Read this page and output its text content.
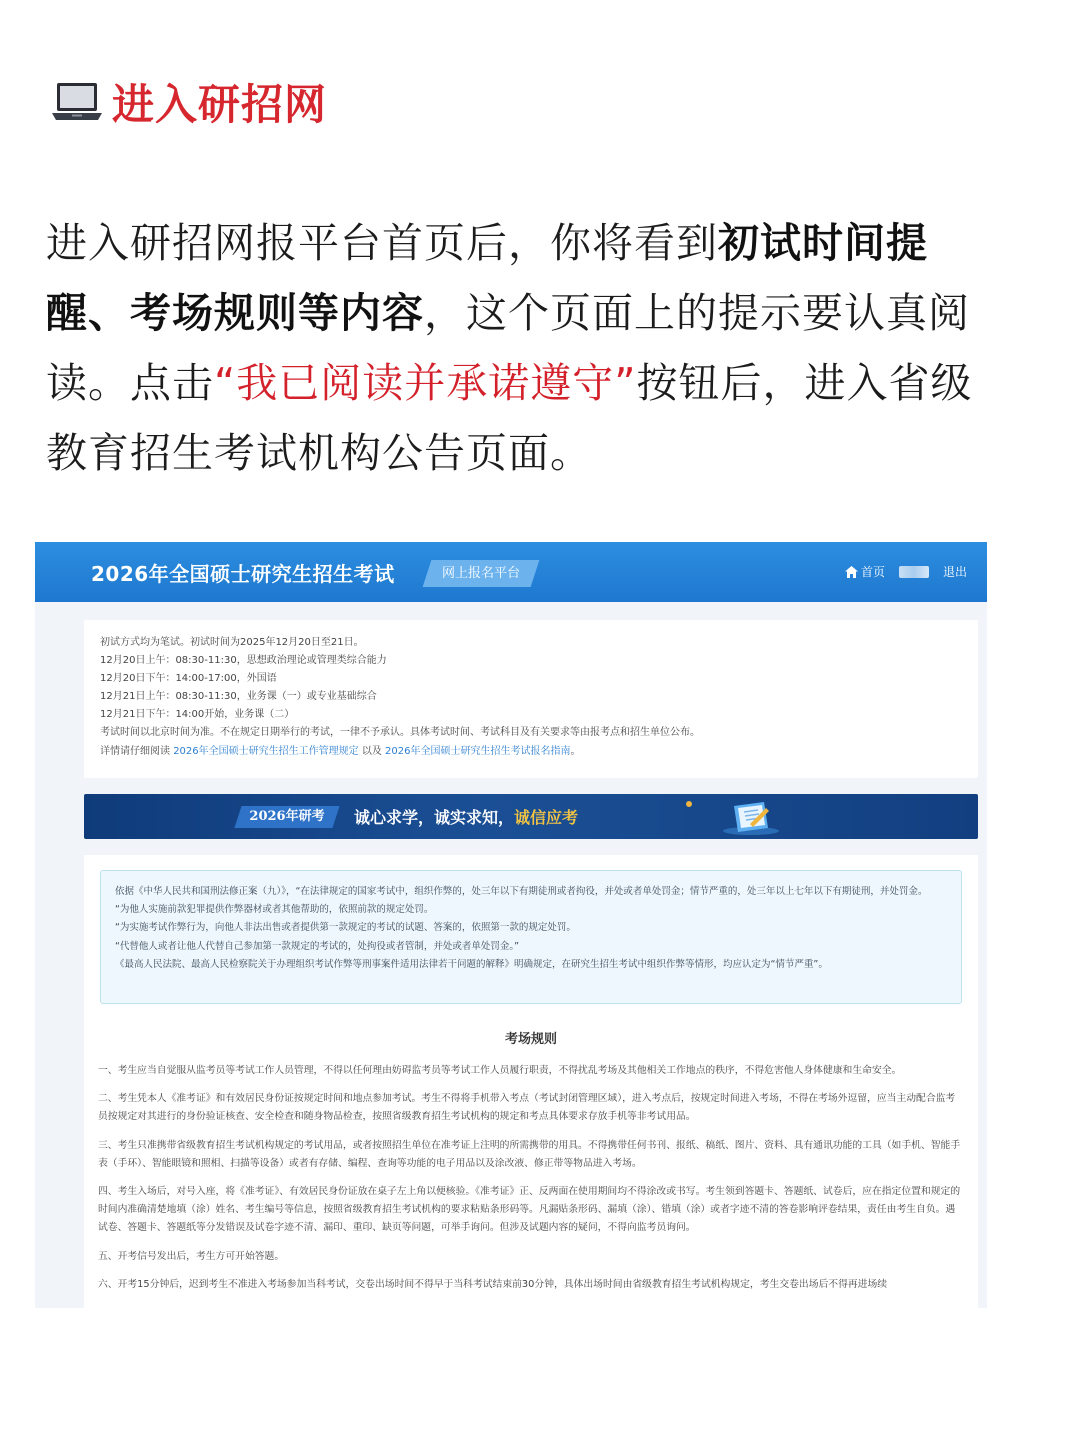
进入研招网
进入研招网报平台首页后，你将看到初试时间提醒、考场规则等内容，这个页面上的提示要认真阅读。点击“我已阅读并承诺遵守”按钮后，进入省级教育招生考试机构公告页面。
2026年全国硕士研究生招生考试	网上报名平台	首页	退出
初试方式均为笔试。初试时间为2025年12月20日至21日。
12月20日上午：08:30-11:30，思想政治理论或管理类综合能力
12月20日下午：14:00-17:00，外国语
12月21日上午：08:30-11:30，业务课（一）或专业基础综合
12月21日下午：14:00开始，业务课（二）
考试时间以北京时间为准。不在规定日期举行的考试，一律不予承认。具体考试时间、考试科目及有关要求等由报考点和招生单位公布。
详情请仔细阅读 2026年全国硕士研究生招生工作管理规定 以及 2026年全国硕士研究生招生考试报名指南。
2026年研考	诚心求学，诚实求知，诚信应考
依据《中华人民共和国刑法修正案（九）》，“在法律规定的国家考试中，组织作弊的，处三年以下有期徒刑或者拘役，并处或者单处罚金；情节严重的，处三年以上七年以下有期徒刑，并处罚金。
“为他人实施前款犯罪提供作弊器材或者其他帮助的，依照前款的规定处罚。
“为实施考试作弊行为，向他人非法出售或者提供第一款规定的考试的试题、答案的，依照第一款的规定处罚。
“代替他人或者让他人代替自己参加第一款规定的考试的，处拘役或者管制，并处或者单处罚金。”
《最高人民法院、最高人民检察院关于办理组织考试作弊等刑事案件适用法律若干问题的解释》明确规定，在研究生招生考试中组织作弊等情形，均应认定为“情节严重”。
考场规则
一、考生应当自觉服从监考员等考试工作人员管理，不得以任何理由妨碍监考员等考试工作人员履行职责，不得扰乱考场及其他相关工作地点的秩序，不得危害他人身体健康和生命安全。
二、考生凭本人《准考证》和有效居民身份证按规定时间和地点参加考试。考生不得将手机带入考点（考试封闭管理区域），进入考点后，按规定时间进入考场，不得在考场外逗留，应当主动配合监考员按规定对其进行的身份验证核查、安全检查和随身物品检查，按照省级教育招生考试机构的规定和考点具体要求存放手机等非考试用品。
三、考生只准携带省级教育招生考试机构规定的考试用品，或者按照招生单位在准考证上注明的所需携带的用具。不得携带任何书刊、报纸、稿纸、图片、资料、具有通讯功能的工具（如手机、智能手表（手环）、智能眼镜和照相、扫描等设备）或者有存储、编程、查询等功能的电子用品以及涂改液、修正带等物品进入考场。
四、考生入场后，对号入座，将《准考证》、有效居民身份证放在桌子左上角以便核验。《准考证》正、反两面在使用期间均不得涂改或书写。考生领到答题卡、答题纸、试卷后，应在指定位置和规定的时间内准确清楚地填（涂）姓名、考生编号等信息，按照省级教育招生考试机构的要求粘贴条形码等。凡漏贴条形码、漏填（涂）、错填（涂）或者字迹不清的答卷影响评卷结果，责任由考生自负。遇试卷、答题卡、答题纸等分发错误及试卷字迹不清、漏印、重印、缺页等问题，可举手询问。但涉及试题内容的疑问，不得向监考员询问。
五、开考信号发出后，考生方可开始答题。
六、开考15分钟后，迟到考生不准进入考场参加当科考试，交卷出场时间不得早于当科考试结束前30分钟，具体出场时间由省级教育招生考试机构规定，考生交卷出场后不得再进场续
